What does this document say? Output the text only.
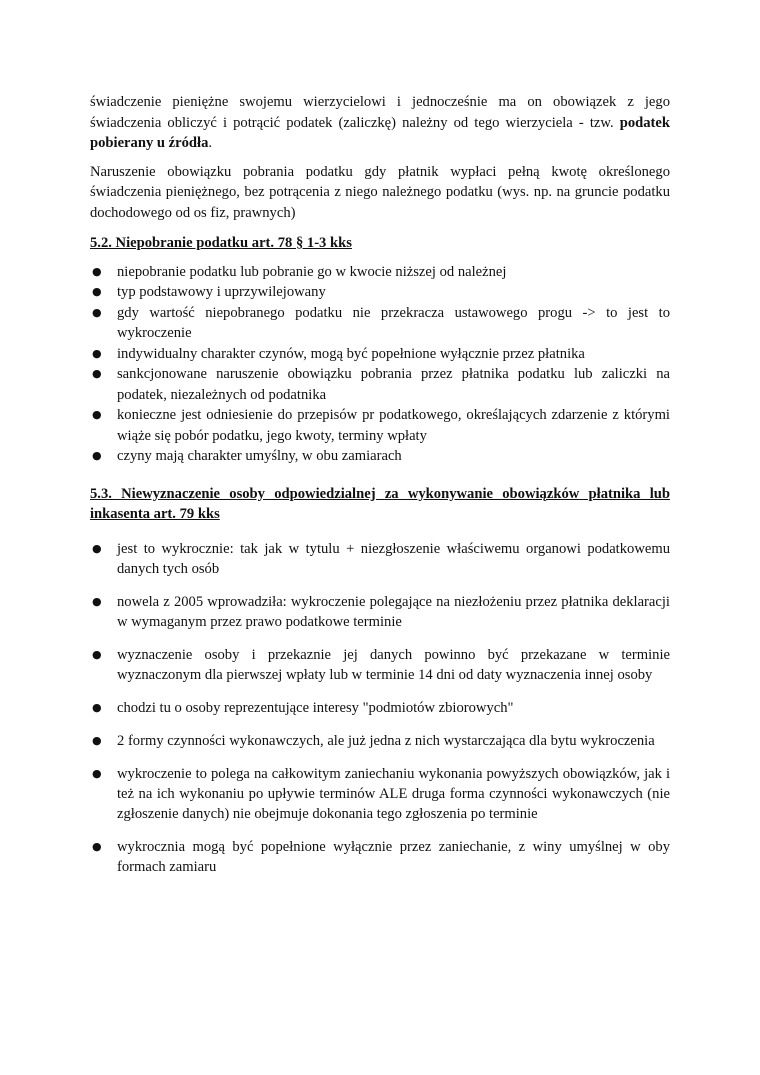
świadczenie pieniężne swojemu wierzycielowi i jednocześnie ma on obowiązek z jego świadczenia obliczyć i potrącić podatek (zaliczkę) należny od tego wierzyciela - tzw. podatek pobierany u źródła.

Naruszenie obowiązku pobrania podatku gdy płatnik wypłaci pełną kwotę określonego świadczenia pieniężnego, bez potrącenia z niego należnego podatku (wys. np. na gruncie podatku dochodowego od os fiz, prawnych)

5.2. Niepobranie podatku art. 78 § 1-3 kks
● niepobranie podatku lub pobranie go w kwocie niższej od należnej
● typ podstawowy i uprzywilejowany
● gdy wartość niepobranego podatku nie przekracza ustawowego progu -> to jest to wykroczenie
● indywidualny charakter czynów, mogą być popełnione wyłącznie przez płatnika
● sankcjonowane naruszenie obowiązku pobrania przez płatnika podatku lub zaliczki na podatek, niezależnych od podatnika
● konieczne jest odniesienie do przepisów pr podatkowego, określających zdarzenie z którymi wiąże się pobór podatku, jego kwoty, terminy wpłaty
● czyny mają charakter umyślny, w obu zamiarach
5.3. Niewyznaczenie osoby odpowiedzialnej za wykonywanie obowiązków płatnika lub inkasenta art. 79 kks
● jest to wykrocznie: tak jak w tytulu + niezgłoszenie właściwemu organowi podatkowemu danych tych osób
● nowela z 2005 wprowadziła: wykroczenie polegające na niezłożeniu przez płatnika deklaracji w wymaganym przez prawo podatkowe terminie
● wyznaczenie osoby i przekaznie jej danych powinno być przekazane w terminie wyznaczonym dla pierwszej wpłaty lub w terminie 14 dni od daty wyznaczenia innej osoby
● chodzi tu o osoby reprezentujące interesy "podmiotów zbiorowych"
● 2 formy czynności wykonawczych, ale już jedna z nich wystarczająca dla bytu wykroczenia
● wykroczenie to polega na całkowitym zaniechaniu wykonania powyższych obowiązków, jak i też na ich wykonaniu po upływie terminów ALE druga forma czynności wykonawczych (nie zgłoszenie danych) nie obejmuje dokonania tego zgłoszenia po terminie
● wykrocznia mogą być popełnione wyłącznie przez zaniechanie, z winy umyślnej w oby formach zamiaru
